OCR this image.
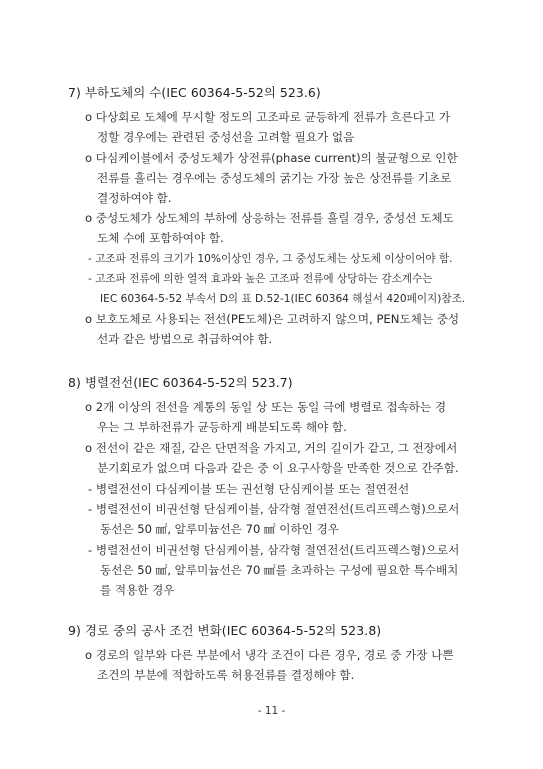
7) 부하도체의 수(IEC 60364-5-52의 523.6)
o 다상회로 도체에 무시할 정도의 고조파로 균등하게 전류가 흐른다고 가
정할 경우에는 관련된 중성선을 고려할 필요가 없음
o 다심케이블에서 중성도체가 상전류(phase current)의 불균형으로 인한
전류를 흘리는 경우에는 중성도체의 굵기는 가장 높은 상전류를 기초로
결정하여야 함.
o 중성도체가 상도체의 부하에 상응하는 전류를 흘릴 경우, 중성선 도체도
도체 수에 포함하여야 함.
- 고조파 전류의 크기가 10%이상인 경우, 그 중성도체는 상도체 이상이어야 함.
- 고조파 전류에 의한 열적 효과와 높은 고조파 전류에 상당하는 감소계수는
IEC 60364-5-52 부속서 D의 표 D.52-1(IEC 60364 해설서 420페이지)참조.
o 보호도체로 사용되는 전선(PE도체)은 고려하지 않으며, PEN도체는 중성
선과 같은 방법으로 취급하여야 함.
8) 병렬전선(IEC 60364-5-52의 523.7)
o 2개 이상의 전선을 계통의 동일 상 또는 동일 극에 병렬로 접속하는 경
우는 그 부하전류가 균등하게 배분되도록 해야 함.
o 전선이 같은 재질, 같은 단면적을 가지고, 거의 길이가 같고, 그 전장에서
분기회로가 없으며 다음과 같은 중 이 요구사항을 만족한 것으로 간주함.
- 병렬전선이 다심케이블 또는 권선형 단심케이블 또는 절연전선
- 병렬전선이 비권선형 단심케이블, 삼각형 절연전선(트리프렉스형)으로서
동선은 50 ㎟, 알루미늄선은 70 ㎟ 이하인 경우
- 병렬전선이 비권선형 단심케이블, 삼각형 절연전선(트리프렉스형)으로서
동선은 50 ㎟, 알루미늄선은 70 ㎟를 초과하는 구성에 필요한 특수배치
를 적용한 경우
9) 경로 중의 공사 조건 변화(IEC 60364-5-52의 523.8)
o 경로의 일부와 다른 부분에서 냉각 조건이 다른 경우, 경로 중 가장 나쁜
조건의 부분에 적합하도록 허용전류를 결정해야 함.
- 11 -
